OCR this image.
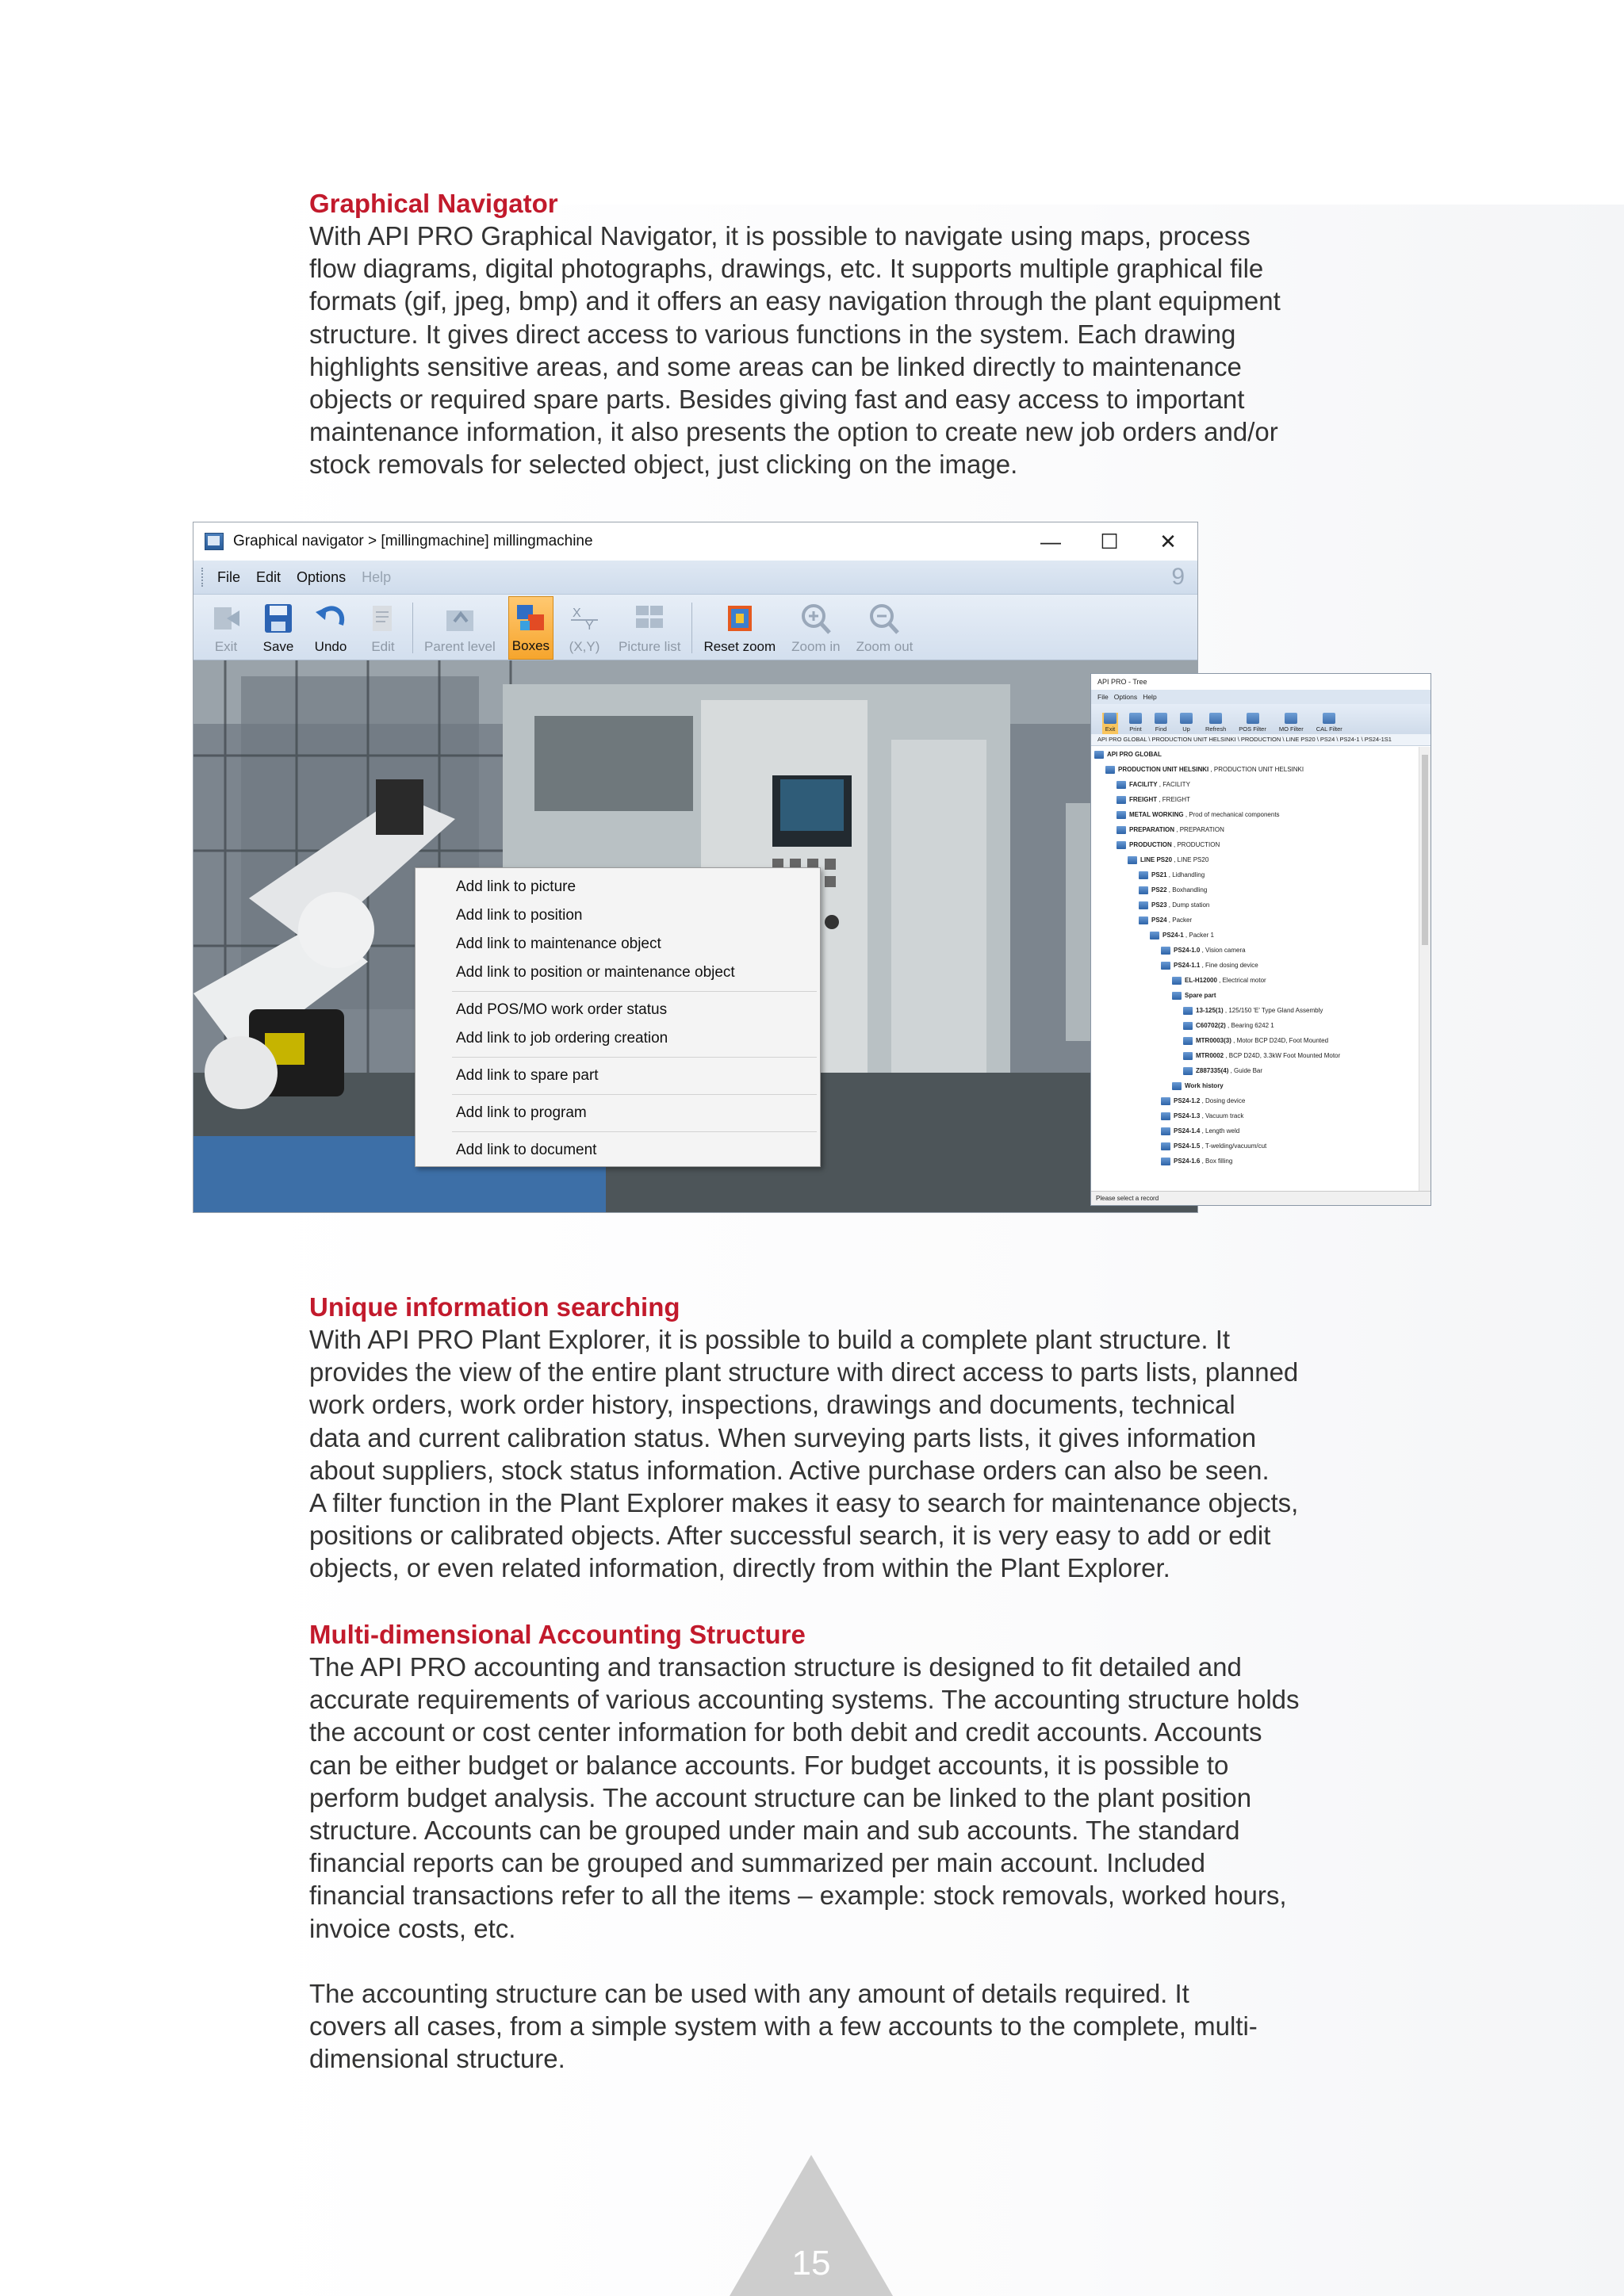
Graphical Navigator

With API PRO Graphical Navigator, it is possible to navigate using maps, process
flow diagrams, digital photographs, drawings, etc. It supports multiple graphical file
formats (gif, jpeg, bmp) and it offers an easy navigation through the plant equipment
structure. It gives direct access to various functions in the system. Each drawing
highlights sensitive areas, and some areas can be linked directly to maintenance
objects or required spare parts. Besides giving fast and easy access to important
maintenance information, it also presents the option to create new job orders and/or
stock removals for selected object, just clicking on the image.

Graphical navigator > [millingmachine] millingmachine	—	☐	✕
File Edit Options Help	9
Exit Save Undo Edit Parent level Boxes
X
Y
(X,Y) Picture list Reset zoom Zoom in Zoom out
Add link to picture
Add link to position
Add link to maintenance object
Add link to position or maintenance object
Add POS/MO work order status
Add link to job ordering creation
Add link to spare part
Add link to program
Add link to document
API PRO - Tree
File Options Help
Exit Print Find	Up	Refresh POS Filter MO Filter CAL Filter
API PRO GLOBAL \ PRODUCTION UNIT HELSINKI \ PRODUCTION \ LINE PS20 \ PS24 \ PS24-1 \ PS24-1S1
API PRO GLOBAL
PRODUCTION UNIT HELSINKI , PRODUCTION UNIT HELSINKI
FACILITY , FACILITY
FREIGHT , FREIGHT
METAL WORKING , Prod of mechanical components
PREPARATION , PREPARATION
PRODUCTION , PRODUCTION
LINE PS20 , LINE PS20
PS21 , Lidhandling
PS22 , Boxhandling
PS23 , Dump station
PS24 , Packer
PS24-1 , Packer 1
PS24-1.0 , Vision camera
PS24-1.1 , Fine dosing device
EL-H12000 , Electrical motor
Spare part
13-125(1) , 125/150 'E' Type Gland Assembly
C60702(2) , Bearing 6242 1
MTR0003(3) , Motor BCP D24D, Foot Mounted
MTR0002 , BCP D24D, 3.3kW Foot Mounted Motor
Z887335(4) , Guide Bar
Work history
PS24-1.2 , Dosing device
PS24-1.3 , Vacuum track
PS24-1.4 , Length weld
PS24-1.5 , T-welding/vacuum/cut
PS24-1.6 , Box filling
Please select a record

Unique information searching

With API PRO Plant Explorer, it is possible to build a complete plant structure. It
provides the view of the entire plant structure with direct access to parts lists, planned
work orders, work order history, inspections, drawings and documents, technical
data and current calibration status. When surveying parts lists, it gives information
about suppliers, stock status information. Active purchase orders can also be seen.
A filter function in the Plant Explorer makes it easy to search for maintenance objects,
positions or calibrated objects. After successful search, it is very easy to add or edit
objects, or even related information, directly from within the Plant Explorer.

Multi-dimensional Accounting Structure

The API PRO accounting and transaction structure is designed to fit detailed and
accurate requirements of various accounting systems. The accounting structure holds
the account or cost center information for both debit and credit accounts. Accounts
can be either budget or balance accounts. For budget accounts, it is possible to
perform budget analysis. The account structure can be linked to the plant position
structure. Accounts can be grouped under main and sub accounts. The standard
financial reports can be grouped and summarized per main account. Included
financial transactions refer to all the items – example: stock removals, worked hours,
invoice costs, etc.

The accounting structure can be used with any amount of details required. It
covers all cases, from a simple system with a few accounts to the complete, multi-
dimensional structure.

15
